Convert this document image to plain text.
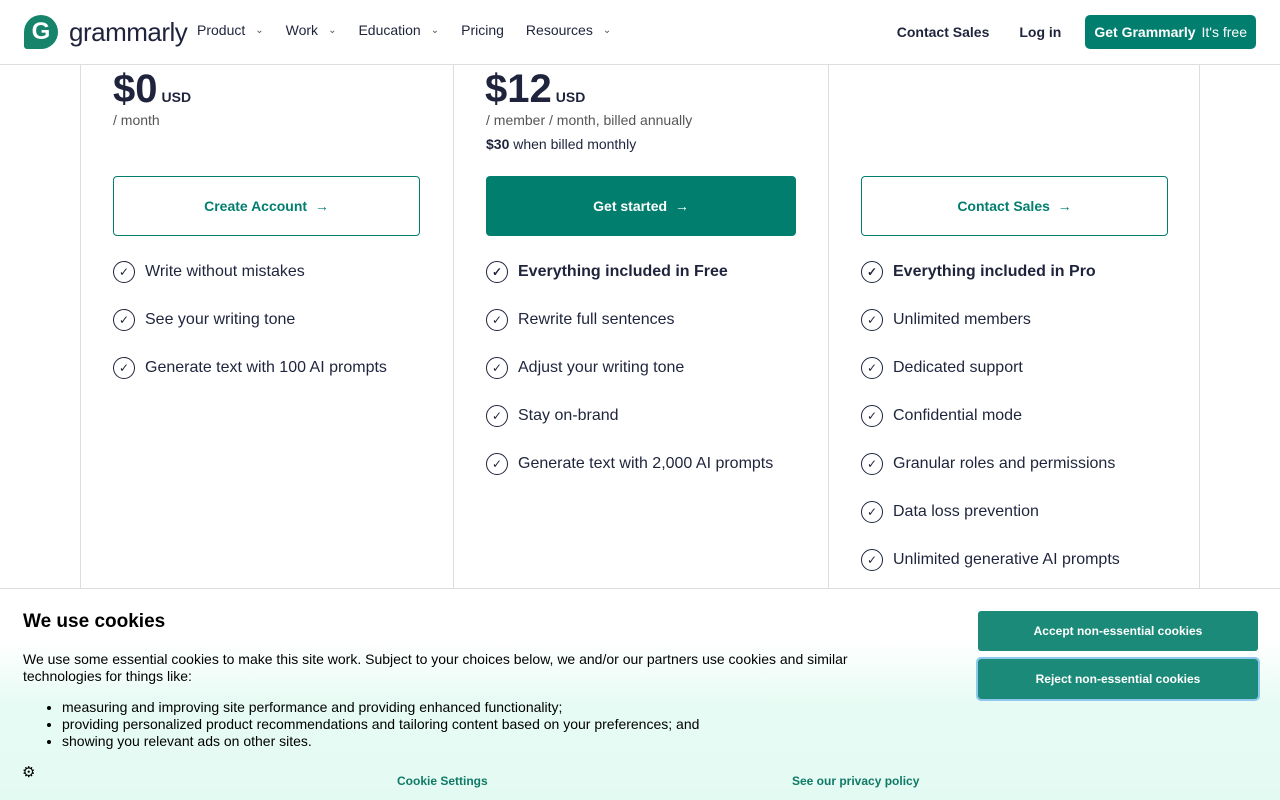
G grammarly Product ⌄ Work ⌄ Education ⌄ Pricing Resources ⌄	Contact Sales Log in Get Grammarly It's free
$0 USD
/ month
Create Account →
✓ Write without mistakes
✓ See your writing tone
✓ Generate text with 100 AI prompts
$12 USD
/ member / month, billed annually
$30 when billed monthly
Get started →
✓ Everything included in Free
✓ Rewrite full sentences
✓ Adjust your writing tone
✓ Stay on-brand
✓ Generate text with 2,000 AI prompts
Contact Sales →
✓ Everything included in Pro
✓ Unlimited members
✓ Dedicated support
✓ Confidential mode
✓ Granular roles and permissions
✓ Data loss prevention
✓ Unlimited generative AI prompts
We use cookies
We use some essential cookies to make this site work. Subject to your choices below, we and/or our partners use cookies and similar technologies for things like:
• measuring and improving site performance and providing enhanced functionality;
• providing personalized product recommendations and tailoring content based on your preferences; and
• showing you relevant ads on other sites.
⚙
Accept non-essential cookies
Reject non-essential cookies
Cookie Settings	See our privacy policy
